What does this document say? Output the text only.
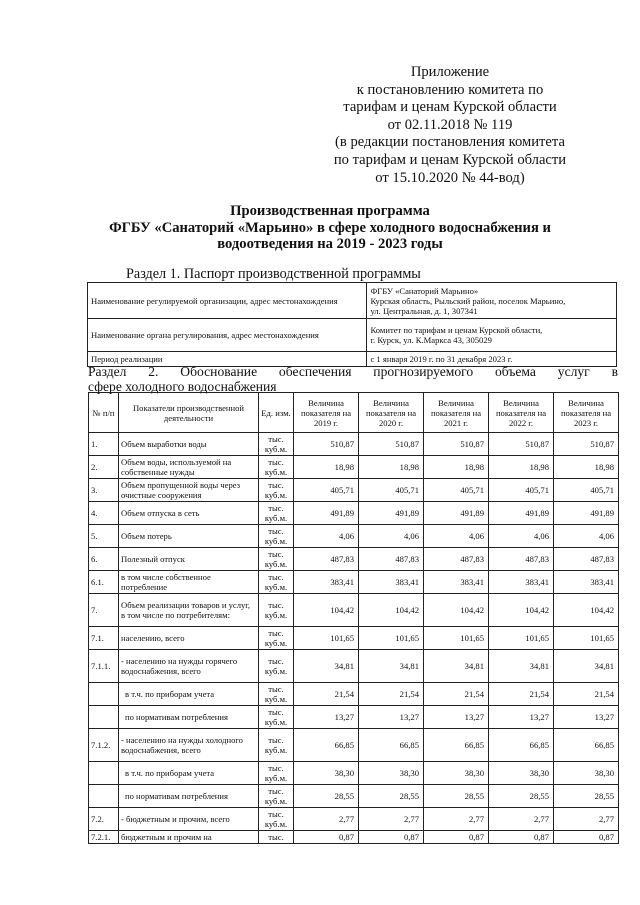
Приложение
к постановлению комитета по
тарифам и ценам Курской области
от 02.11.2018 № 119
(в редакции постановления комитета
по тарифам и ценам Курской области
от 15.10.2020 № 44-вод)
Производственная программа
ФГБУ «Санаторий «Марьино» в сфере холодного водоснабжения и
водоотведения на 2019 - 2023 годы
Раздел 1. Паспорт производственной программы
Наименование регулируемой организации, адрес местонахождения	ФГБУ «Санаторий Марьино»
Курская область, Рыльский район, поселок Марьино,
ул. Центральная, д. 1, 307341

Наименование органа регулирования, адрес местонахождения	Комитет по тарифам и ценам Курской области,
г. Курск, ул. К.Маркса 43, 305029

Период реализации	с 1 января 2019 г. по 31 декабря 2023 г.
Раздел 2. Обоснование обеспечения прогнозируемого объема услуг в
сфере холодного водоснабжения
№ п/п	Показатели производственной деятельности	Ед. изм.	Величина показателя на 2019 г.	Величина показателя на 2020 г.	Величина показателя на 2021 г.	Величина показателя на 2022 г.	Величина показателя на 2023 г.
1.	Объем выработки воды	тыс. куб.м.	510,87	510,87	510,87	510,87	510,87
2.	Объем воды, используемой на собственные нужды	тыс. куб.м.	18,98	18,98	18,98	18,98	18,98
3.	Объем пропущенной воды через очистные сооружения	тыс. куб.м.	405,71	405,71	405,71	405,71	405,71
4.	Объем отпуска в сеть	тыс. куб.м.	491,89	491,89	491,89	491,89	491,89
5.	Объем потерь	тыс. куб.м.	4,06	4,06	4,06	4,06	4,06
6.	Полезный отпуск	тыс. куб.м.	487,83	487,83	487,83	487,83	487,83
6.1.	в том числе собственное потребление	тыс. куб.м.	383,41	383,41	383,41	383,41	383,41
7.	Объем реализации товаров и услуг, в том числе по потребителям:	тыс. куб.м.	104,42	104,42	104,42	104,42	104,42
7.1.	населению, всего	тыс. куб.м.	101,65	101,65	101,65	101,65	101,65
7.1.1.	- населению на нужды горячего водоснабжения, всего	тыс. куб.м.	34,81	34,81	34,81	34,81	34,81
	в т.ч. по приборам учета	тыс. куб.м.	21,54	21,54	21,54	21,54	21,54
	по нормативам потребления	тыс. куб.м.	13,27	13,27	13,27	13,27	13,27
7.1.2.	- населению на нужды холодного водоснабжения, всего	тыс. куб.м.	66,85	66,85	66,85	66,85	66,85
	в т.ч. по приборам учета	тыс. куб.м.	38,30	38,30	38,30	38,30	38,30
	по нормативам потребления	тыс. куб.м.	28,55	28,55	28,55	28,55	28,55
7.2.	- бюджетным и прочим, всего	тыс. куб.м.	2,77	2,77	2,77	2,77	2,77
7.2.1.	бюджетным и прочим на	тыс.	0,87	0,87	0,87	0,87	0,87
